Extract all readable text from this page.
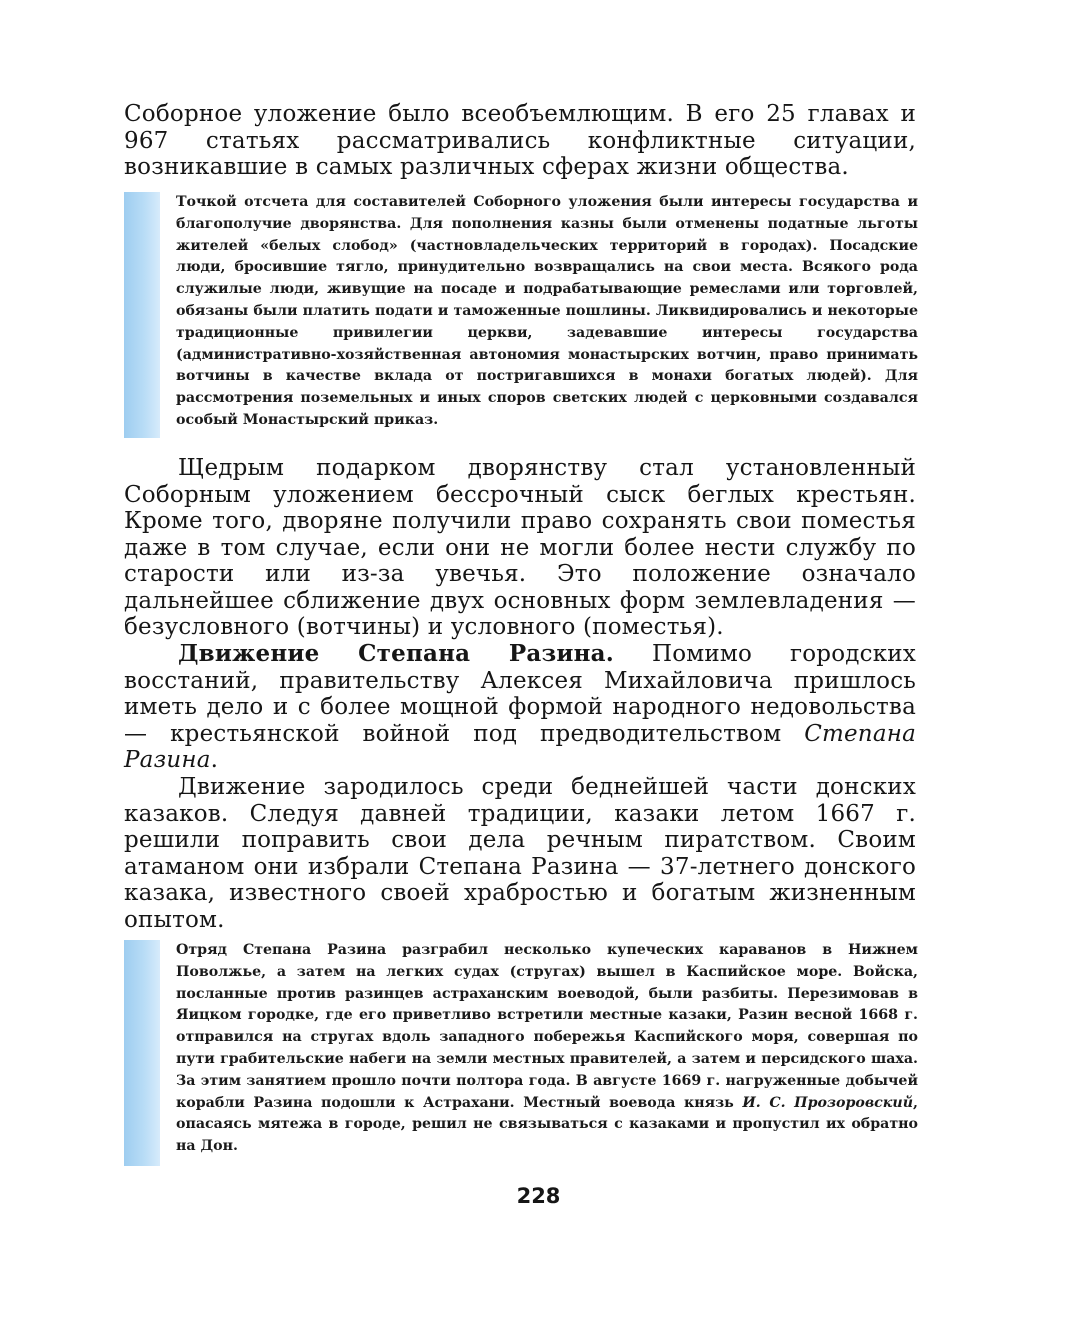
Соборное уложение было всеобъемлющим. В его 25 главах и 967 статьях рассматривались конфликтные ситуации, возникавшие в самых различных сферах жизни общества.

Точкой отсчета для составителей Соборного уложения были интересы государства и благополучие дворянства. Для пополнения казны были отменены податные льготы жителей «белых слобод» (частновладельческих территорий в городах). Посадские люди, бросившие тягло, принудительно возвращались на свои места. Всякого рода служилые люди, живущие на посаде и подрабатывающие ремеслами или торговлей, обязаны были платить подати и таможенные пошлины. Ликвидировались и некоторые традиционные привилегии церкви, задевавшие интересы государства (административно-хозяйственная автономия монастырских вотчин, право принимать вотчины в качестве вклада от постригавшихся в монахи богатых людей). Для рассмотрения поземельных и иных споров светских людей с церковными создавался особый Монастырский приказ.

Щедрым подарком дворянству стал установленный Соборным уложением бессрочный сыск беглых крестьян. Кроме того, дворяне получили право сохранять свои поместья даже в том случае, если они не могли более нести службу по старости или из-за увечья. Это положение означало дальнейшее сближение двух основных форм землевладения — безусловного (вотчины) и условного (поместья).

Движение Степана Разина. Помимо городских восстаний, правительству Алексея Михайловича пришлось иметь дело и с более мощной формой народного недовольства — крестьянской войной под предводительством Степана Разина.

Движение зародилось среди беднейшей части донских казаков. Следуя давней традиции, казаки летом 1667 г. решили поправить свои дела речным пиратством. Своим атаманом они избрали Степана Разина — 37-летнего донского казака, известного своей храбростью и богатым жизненным опытом.

Отряд Степана Разина разграбил несколько купеческих караванов в Нижнем Поволжье, а затем на легких судах (стругах) вышел в Каспийское море. Войска, посланные против разинцев астраханским воеводой, были разбиты. Перезимовав в Яицком городке, где его приветливо встретили местные казаки, Разин весной 1668 г. отправился на стругах вдоль западного побережья Каспийского моря, совершая по пути грабительские набеги на земли местных правителей, а затем и персидского шаха. За этим занятием прошло почти полтора года. В августе 1669 г. нагруженные добычей корабли Разина подошли к Астрахани. Местный воевода князь И. С. Прозоровский, опасаясь мятежа в городе, решил не связываться с казаками и пропустил их обратно на Дон.

228
